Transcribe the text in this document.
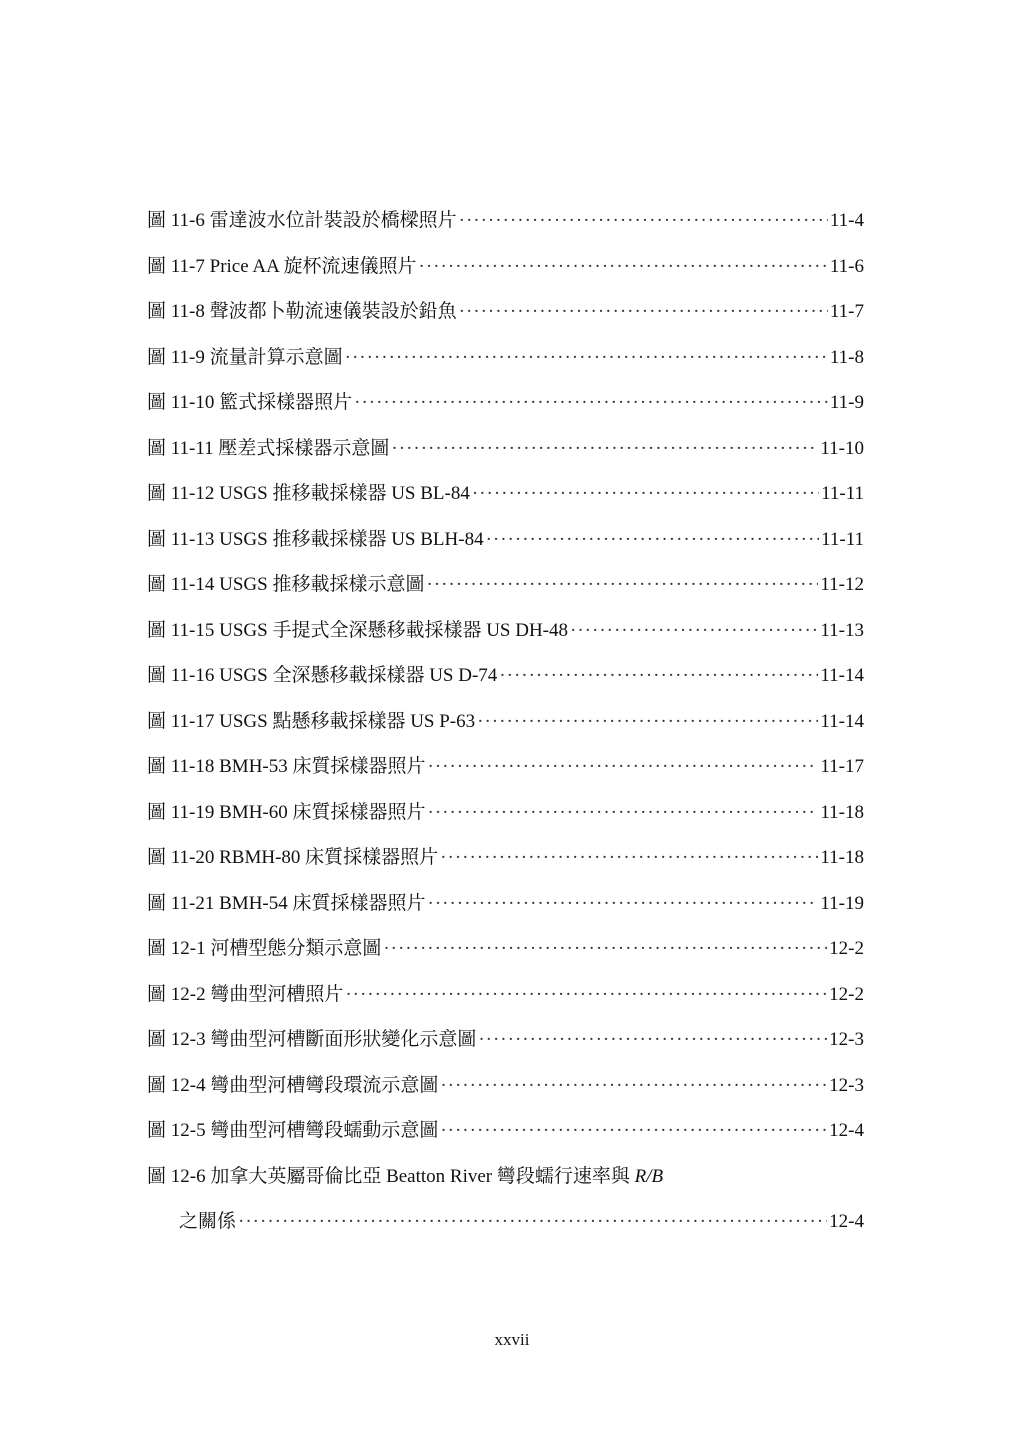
圖 11-6 雷達波水位計裝設於橋樑照片 ·····	11-4
圖 11-7 Price AA 旋杯流速儀照片 ·····	11-6
圖 11-8 聲波都卜勒流速儀裝設於鉛魚 ·····	11-7
圖 11-9 流量計算示意圖 ·····	11-8
圖 11-10 籃式採樣器照片 ·····	11-9
圖 11-11 壓差式採樣器示意圖 ·····	11-10
圖 11-12 USGS 推移載採樣器 US BL-84 ·····	11-11
圖 11-13 USGS 推移載採樣器 US BLH-84 ·····	11-11
圖 11-14 USGS 推移載採樣示意圖 ·····	11-12
圖 11-15 USGS 手提式全深懸移載採樣器 US DH-48 ·····	11-13
圖 11-16 USGS 全深懸移載採樣器 US D-74 ·····	11-14
圖 11-17 USGS 點懸移載採樣器 US P-63 ·····	11-14
圖 11-18 BMH-53 床質採樣器照片 ·····	11-17
圖 11-19 BMH-60 床質採樣器照片 ·····	11-18
圖 11-20 RBMH-80 床質採樣器照片 ·····	11-18
圖 11-21 BMH-54 床質採樣器照片 ·····	11-19
圖 12-1 河槽型態分類示意圖 ·····	12-2
圖 12-2 彎曲型河槽照片 ·····	12-2
圖 12-3 彎曲型河槽斷面形狀變化示意圖 ·····	12-3
圖 12-4 彎曲型河槽彎段環流示意圖 ·····	12-3
圖 12-5 彎曲型河槽彎段蠕動示意圖 ·····	12-4
圖 12-6 加拿大英屬哥倫比亞 Beatton River 彎段蠕行速率與 R/B
之關係 ·····	12-4
xxvii
